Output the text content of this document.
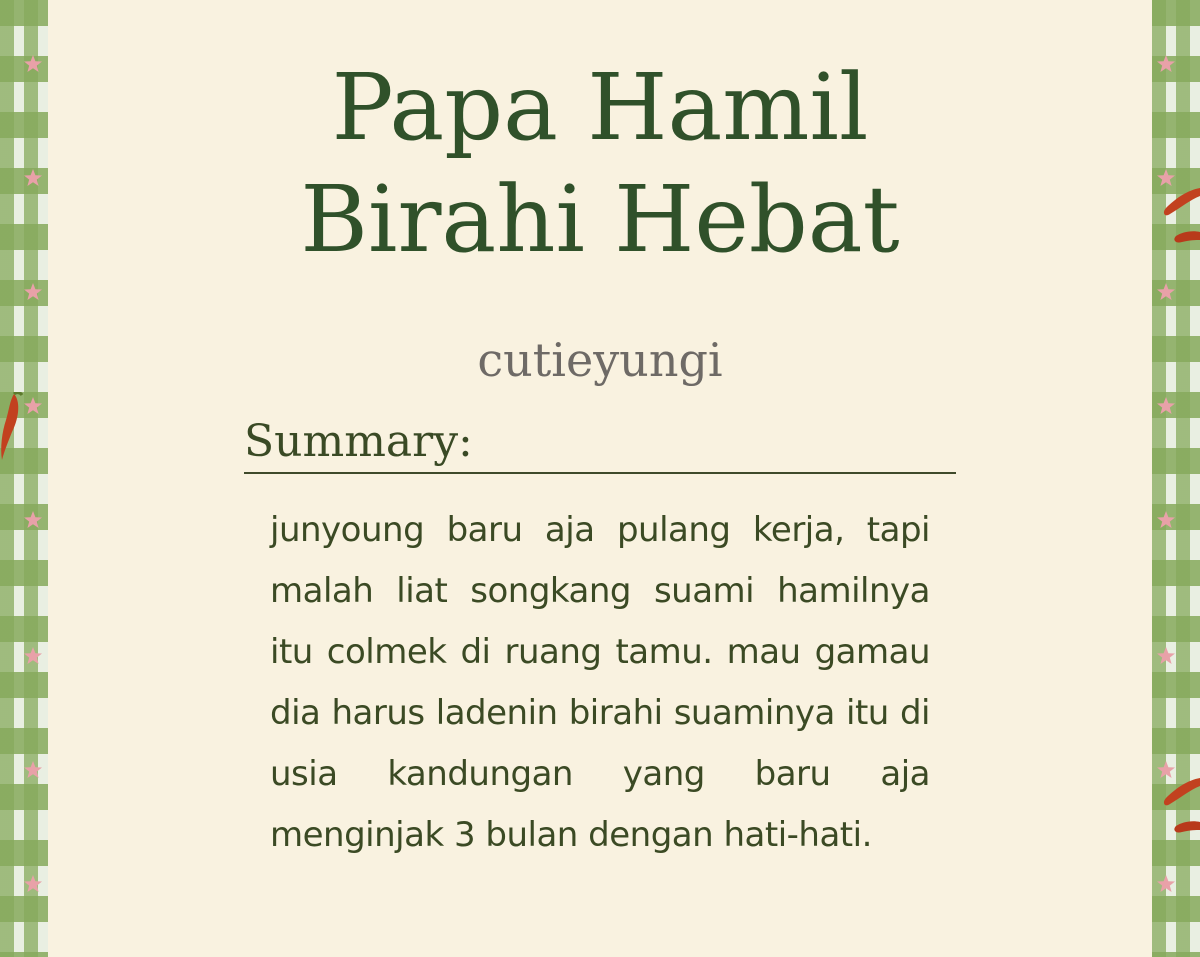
Papa Hamil
Birahi Hebat
cutieyungi
Summary:

junyoung baru aja pulang kerja, tapi malah liat songkang suami hamilnya itu colmek di ruang tamu. mau gamau dia harus ladenin birahi suaminya itu di usia kandungan yang baru aja menginjak 3 bulan dengan hati-hati.
